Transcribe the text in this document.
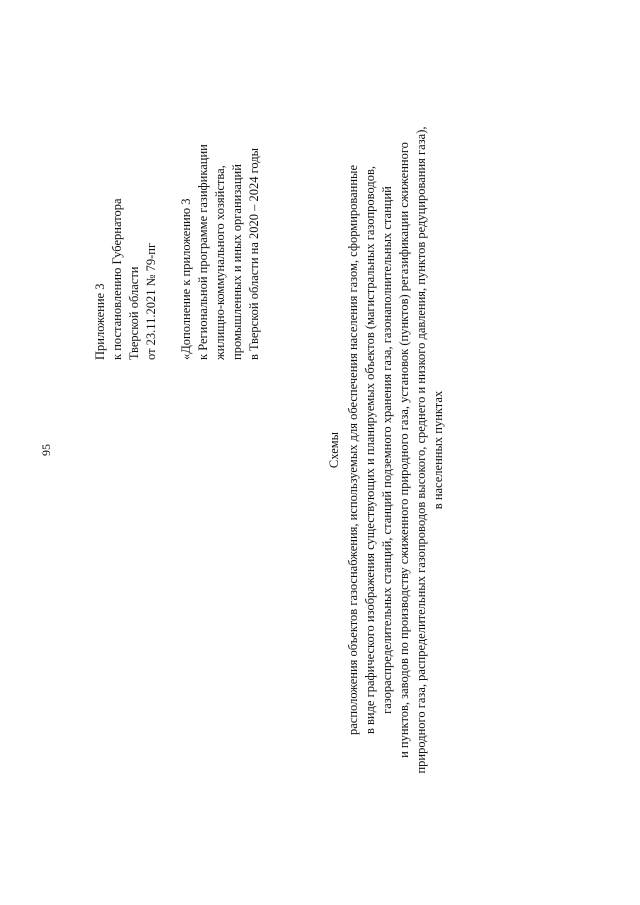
95
Приложение 3 к постановлению Губернатора Тверской области от 23.11.2021 № 79-пг «Дополнение к приложению 3 к Региональной программе газификации жилищно-коммунального хозяйства, промышленных и иных организаций в Тверской области на 2020 – 2024 годы
Схемы расположения объектов газоснабжения, используемых для обеспечения населения газом, сформированные в виде графического изображения существующих и планируемых объектов (магистральных газопроводов, газораспределительных станций, станций подземного хранения газа, газонаполнительных станций и пунктов, заводов по производству сжиженного природного газа, установок (пунктов) регазификации сжиженного природного газа, распределительных газопроводов высокого, среднего и низкого давления, пунктов редуцирования газа), в населенных пунктах
